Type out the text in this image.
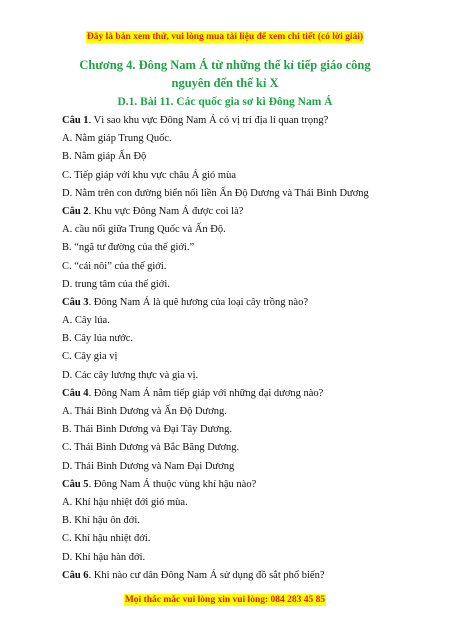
Đây là bản xem thử, vui lòng mua tài liệu để xem chi tiết (có lời giải)
Chương 4. Đông Nam Á từ những thế kỉ tiếp giáo công nguyên đến thế kỉ X
D.1. Bài 11. Các quốc gia sơ kì Đông Nam Á
Câu 1. Vì sao khu vực Đông Nam Á có vị trí địa lí quan trọng?
A. Nằm giáp Trung Quốc.
B. Nằm giáp Ấn Độ
C. Tiếp giáp với khu vực châu Á gió mùa
D. Nằm trên con đường biển nối liền Ấn Độ Dương và Thái Bình Dương
Câu 2. Khu vực Đông Nam Á được coi là?
A. cầu nối giữa Trung Quốc và Ấn Độ.
B. “ngã tư đường của thế giới.”
C. “cái nôi” của thế giới.
D. trung tâm của thế giới.
Câu 3. Đông Nam Á là quê hương của loại cây trồng nào?
A. Cây lúa.
B. Cây lúa nước.
C. Cây gia vị
D. Các cây lương thực và gia vị.
Câu 4. Đông Nam Á nằm tiếp giáp với những đại dương nào?
A. Thái Bình Dương và Ấn Độ Dương.
B. Thái Bình Dương và Đại Tây Dương.
C. Thái Bình Dương và Bắc Băng Dương.
D. Thái Bình Dương và Nam Đại Dương
Câu 5. Đông Nam Á thuộc vùng khí hậu nào?
A. Khí hậu nhiệt đới gió mùa.
B. Khí hậu ôn đới.
C. Khí hậu nhiệt đới.
D. Khí hậu hàn đới.
Câu 6. Khi nào cư dân Đông Nam Á sử dụng đồ sắt phổ biến?
Mọi thắc mắc vui lòng xin vui lòng: 084 283 45 85
